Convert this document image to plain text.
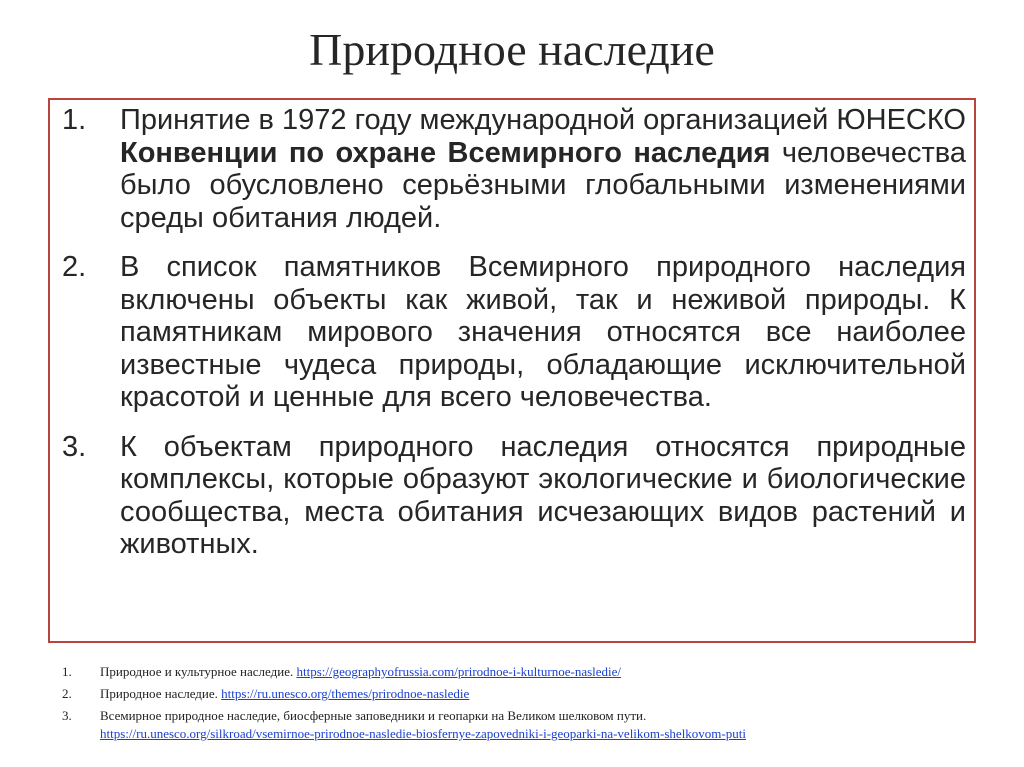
Природное наследие
1.	Принятие в 1972 году международной организацией ЮНЕСКО Конвенции по охране Всемирного наследия человечества было обусловлено серьёзными глобальными изменениями среды обитания людей.
2.	В список памятников Всемирного природного наследия включены объекты как живой, так и неживой природы. К памятникам мирового значения относятся все наиболее известные чудеса природы, обладающие исключительной красотой и ценные для всего человечества.
3.	К объектам природного наследия относятся природные комплексы, которые образуют экологические и биологические сообщества, места обитания исчезающих видов растений и животных.
1.	Природное и культурное наследие. https://geographyofrussia.com/prirodnoe-i-kulturnoe-nasledie/
2.	Природное наследие. https://ru.unesco.org/themes/prirodnoe-nasledie
3.	Всемирное природное наследие, биосферные заповедники и геопарки на Великом шелковом пути.
https://ru.unesco.org/silkroad/vsemirnoe-prirodnoe-nasledie-biosfernye-zapovedniki-i-geoparki-na-velikom-shelkovom-puti
